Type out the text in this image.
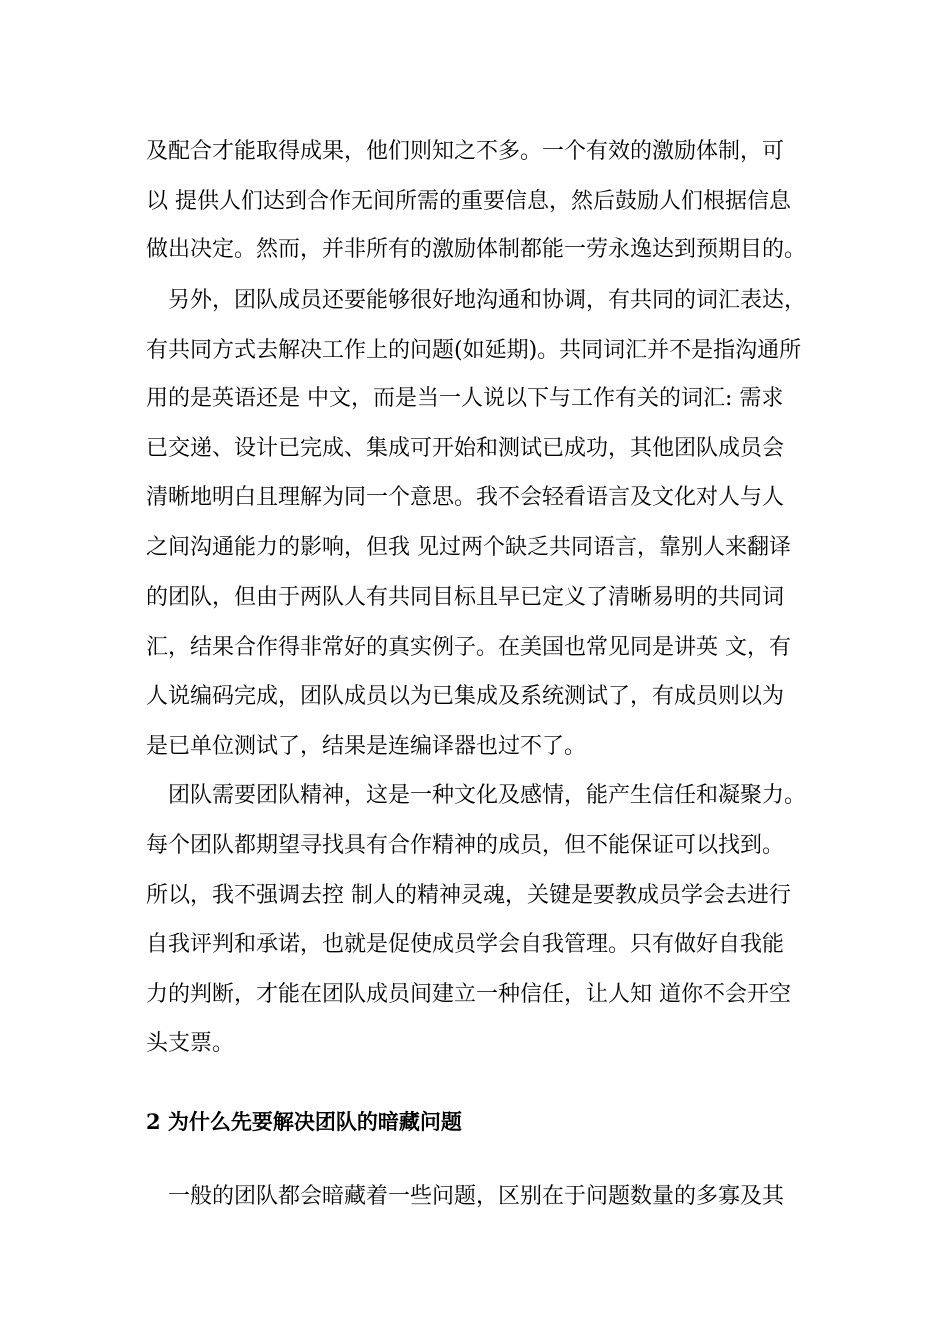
及配合才能取得成果，他们则知之不多。一个有效的激励体制，可
以 提供人们达到合作无间所需的重要信息，然后鼓励人们根据信息
做出决定。然而，并非所有的激励体制都能一劳永逸达到预期目的。
另外，团队成员还要能够很好地沟通和协调，有共同的词汇表达，
有共同方式去解决工作上的问题(如延期)。共同词汇并不是指沟通所
用的是英语还是 中文，而是当一人说以下与工作有关的词汇: 需求
已交递、设计已完成、集成可开始和测试已成功，其他团队成员会
清晰地明白且理解为同一个意思。我不会轻看语言及文化对人与人
之间沟通能力的影响，但我 见过两个缺乏共同语言，靠别人来翻译
的团队，但由于两队人有共同目标且早已定义了清晰易明的共同词
汇，结果合作得非常好的真实例子。在美国也常见同是讲英 文，有
人说编码完成，团队成员以为已集成及系统测试了，有成员则以为
是已单位测试了，结果是连编译器也过不了。
团队需要团队精神，这是一种文化及感情，能产生信任和凝聚力。
每个团队都期望寻找具有合作精神的成员，但不能保证可以找到。
所以，我不强调去控 制人的精神灵魂，关键是要教成员学会去进行
自我评判和承诺，也就是促使成员学会自我管理。只有做好自我能
力的判断，才能在团队成员间建立一种信任，让人知 道你不会开空
头支票。
2 为什么先要解决团队的暗藏问题
一般的团队都会暗藏着一些问题，区别在于问题数量的多寡及其
